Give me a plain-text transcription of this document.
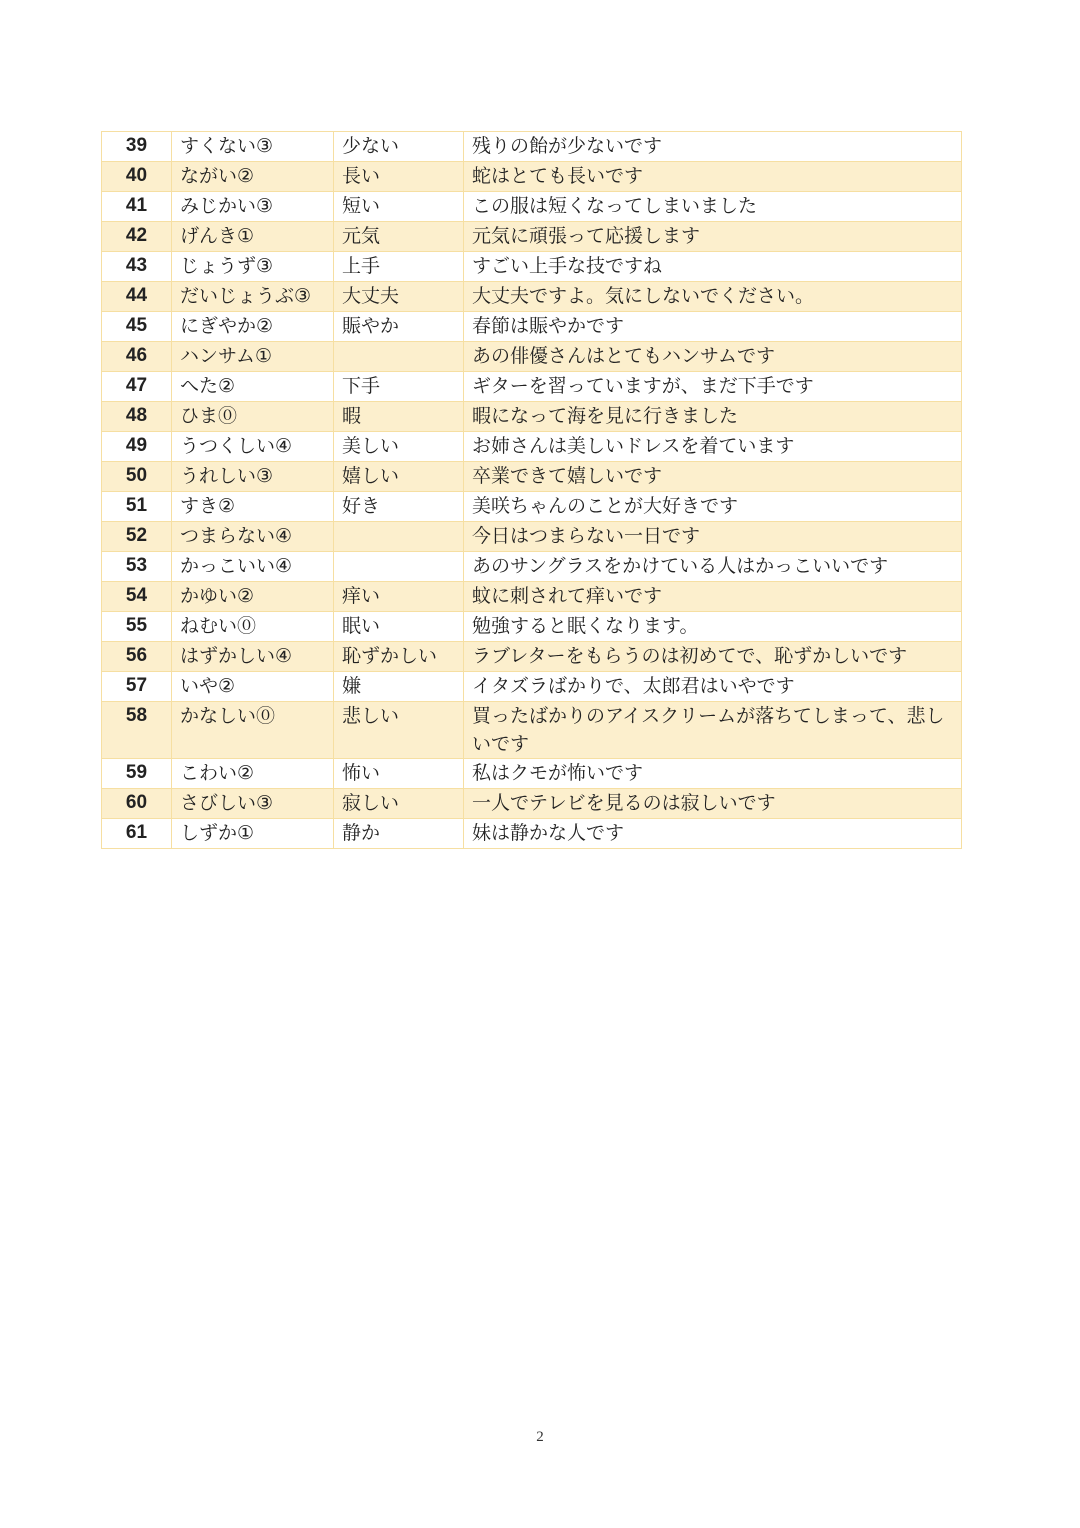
39	すくない③	少ない	残りの飴が少ないです
40	ながい②	長い	蛇はとても長いです
41	みじかい③	短い	この服は短くなってしまいました
42	げんき①	元気	元気に頑張って応援します
43	じょうず③	上手	すごい上手な技ですね
44	だいじょうぶ③	大丈夫	大丈夫ですよ。気にしないでください。
45	にぎやか②	賑やか	春節は賑やかです
46	ハンサム①		あの俳優さんはとてもハンサムです
47	へた②	下手	ギターを習っていますが、まだ下手です
48	ひま⓪	暇	暇になって海を見に行きました
49	うつくしい④	美しい	お姉さんは美しいドレスを着ています
50	うれしい③	嬉しい	卒業できて嬉しいです
51	すき②	好き	美咲ちゃんのことが大好きです
52	つまらない④		今日はつまらない一日です
53	かっこいい④		あのサングラスをかけている人はかっこいいです
54	かゆい②	痒い	蚊に刺されて痒いです
55	ねむい⓪	眠い	勉強すると眠くなります。
56	はずかしい④	恥ずかしい	ラブレターをもらうのは初めてで、恥ずかしいです
57	いや②	嫌	イタズラばかりで、太郎君はいやです
58	かなしい⓪	悲しい	買ったばかりのアイスクリームが落ちてしまって、悲しいです
59	こわい②	怖い	私はクモが怖いです
60	さびしい③	寂しい	一人でテレビを見るのは寂しいです
61	しずか①	静か	妹は静かな人です
2
